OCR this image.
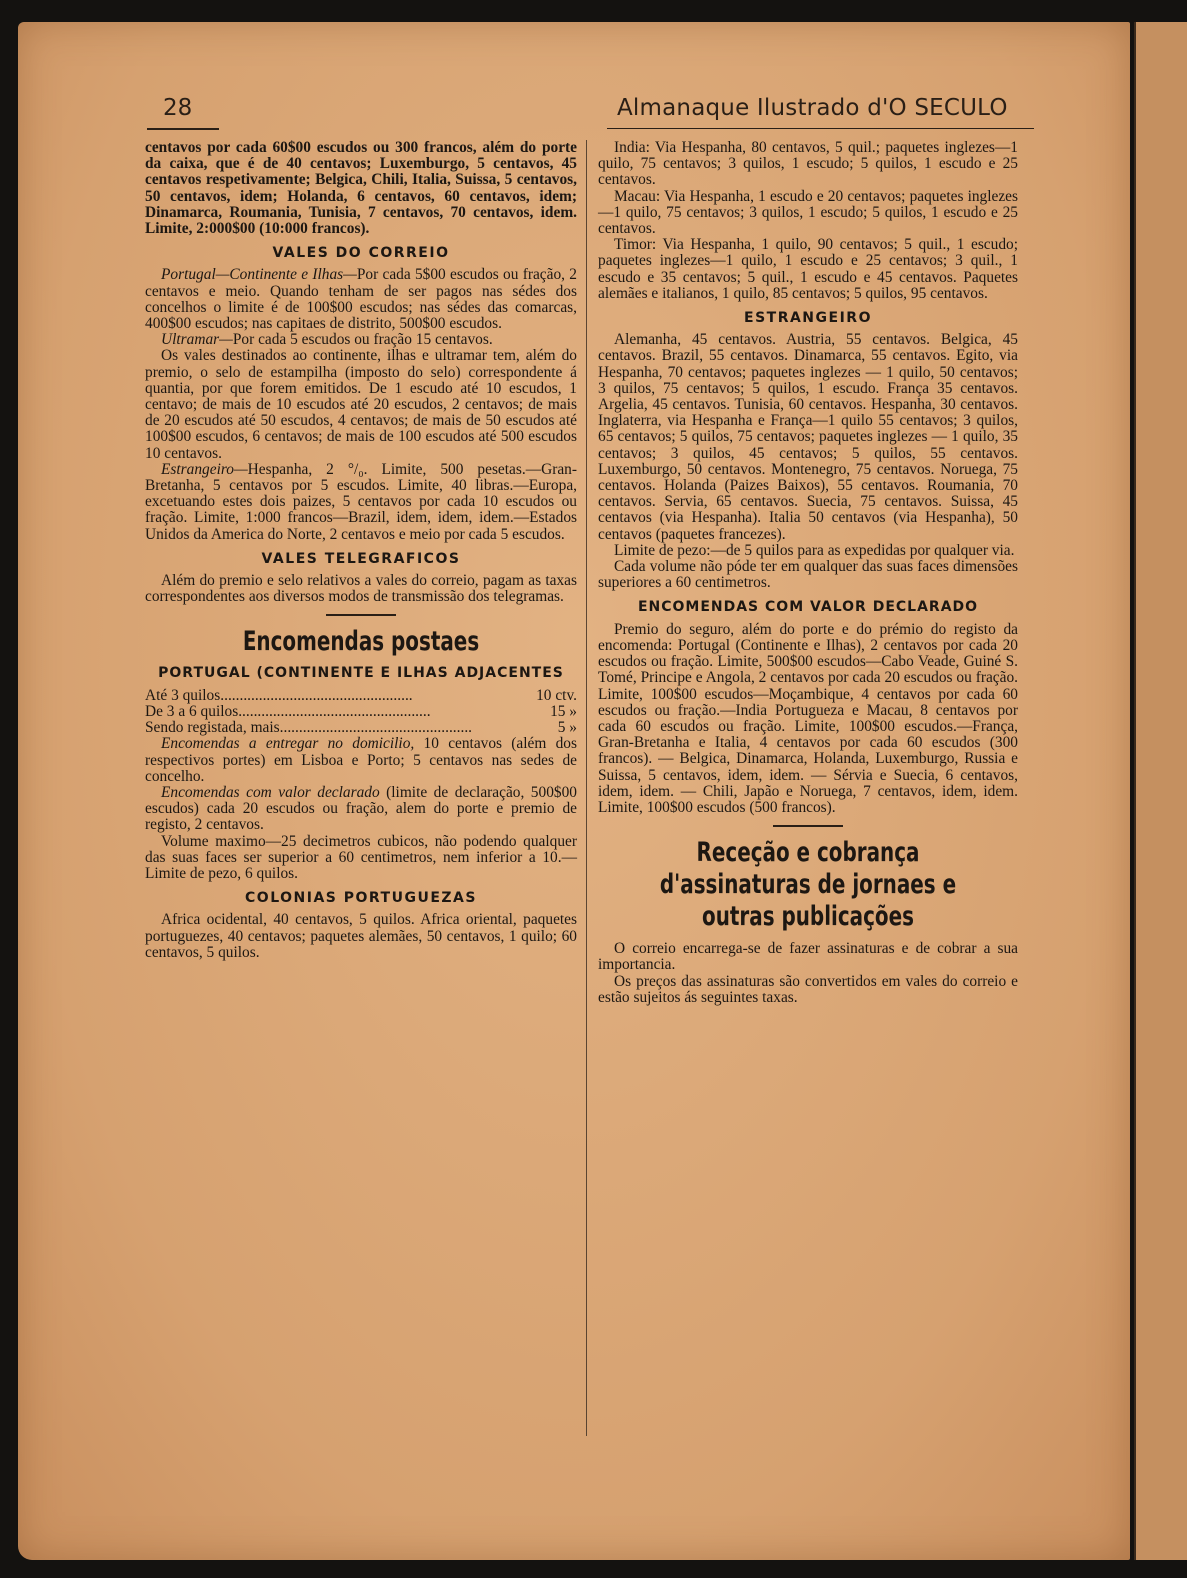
28	Almanaque Ilustrado d'O SECULO

centavos por cada 60$00 escudos ou 300 francos, além do porte da caixa, que é de 40 centavos; Luxemburgo, 5 centavos, 45 centavos respetivamente; Belgica, Chili, Italia, Suissa, 5 centavos, 50 centavos, idem; Holanda, 6 centavos, 60 centavos, idem; Dinamarca, Roumania, Tunisia, 7 centavos, 70 centavos, idem. Limite, 2:000$00 (10:000 francos).

VALES DO CORREIO

Portugal—Continente e Ilhas—Por cada 5$00 escudos ou fração, 2 centavos e meio. Quando tenham de ser pagos nas sédes dos concelhos o limite é de 100$00 escudos; nas sédes das comarcas, 400$00 escudos; nas capitaes de distrito, 500$00 escudos.

Ultramar—Por cada 5 escudos ou fração 15 centavos.

Os vales destinados ao continente, ilhas e ultramar tem, além do premio, o selo de estampilha (imposto do selo) correspondente á quantia, por que forem emitidos. De 1 escudo até 10 escudos, 1 centavo; de mais de 10 escudos até 20 escudos, 2 centavos; de mais de 20 escudos até 50 escudos, 4 centavos; de mais de 50 escudos até 100$00 escudos, 6 centavos; de mais de 100 escudos até 500 escudos 10 centavos.

Estrangeiro—Hespanha, 2 °/₀. Limite, 500 pesetas.—Gran-Bretanha, 5 centavos por 5 escudos. Limite, 40 libras.—Europa, excetuando estes dois paizes, 5 centavos por cada 10 escudos ou fração. Limite, 1:000 francos—Brazil, idem, idem, idem.—Estados Unidos da America do Norte, 2 centavos e meio por cada 5 escudos.

VALES TELEGRAFICOS

Além do premio e selo relativos a vales do correio, pagam as taxas correspondentes aos diversos modos de transmissão dos telegramas.

Encomendas postaes
PORTUGAL (CONTINENTE E ILHAS ADJACENTES
Até 3 quilos..................................................	10 ctv.
De 3 a 6 quilos..................................................	15 »
Sendo registada, mais..................................................	5 »

Encomendas a entregar no domicilio, 10 centavos (além dos respectivos portes) em Lisboa e Porto; 5 centavos nas sedes de concelho.

Encomendas com valor declarado (limite de declaração, 500$00 escudos) cada 20 escudos ou fração, alem do porte e premio de registo, 2 centavos.

Volume maximo—25 decimetros cubicos, não podendo qualquer das suas faces ser superior a 60 centimetros, nem inferior a 10.—Limite de pezo, 6 quilos.

COLONIAS PORTUGUEZAS

Africa ocidental, 40 centavos, 5 quilos. Africa oriental, paquetes portuguezes, 40 centavos; paquetes alemães, 50 centavos, 1 quilo; 60 centavos, 5 quilos.

India: Via Hespanha, 80 centavos, 5 quil.; paquetes inglezes—1 quilo, 75 centavos; 3 quilos, 1 escudo; 5 quilos, 1 escudo e 25 centavos.

Macau: Via Hespanha, 1 escudo e 20 centavos; paquetes inglezes—1 quilo, 75 centavos; 3 quilos, 1 escudo; 5 quilos, 1 escudo e 25 centavos.

Timor: Via Hespanha, 1 quilo, 90 centavos; 5 quil., 1 escudo; paquetes inglezes—1 quilo, 1 escudo e 25 centavos; 3 quil., 1 escudo e 35 centavos; 5 quil., 1 escudo e 45 centavos. Paquetes alemães e italianos, 1 quilo, 85 centavos; 5 quilos, 95 centavos.

ESTRANGEIRO

Alemanha, 45 centavos. Austria, 55 centavos. Belgica, 45 centavos. Brazil, 55 centavos. Dinamarca, 55 centavos. Egito, via Hespanha, 70 centavos; paquetes inglezes — 1 quilo, 50 centavos; 3 quilos, 75 centavos; 5 quilos, 1 escudo. França 35 centavos. Argelia, 45 centavos. Tunisia, 60 centavos. Hespanha, 30 centavos. Inglaterra, via Hespanha e França—1 quilo 55 centavos; 3 quilos, 65 centavos; 5 quilos, 75 centavos; paquetes inglezes — 1 quilo, 35 centavos; 3 quilos, 45 centavos; 5 quilos, 55 centavos. Luxemburgo, 50 centavos. Montenegro, 75 centavos. Noruega, 75 centavos. Holanda (Paizes Baixos), 55 centavos. Roumania, 70 centavos. Servia, 65 centavos. Suecia, 75 centavos. Suissa, 45 centavos (via Hespanha). Italia 50 centavos (via Hespanha), 50 centavos (paquetes francezes).

Limite de pezo:—de 5 quilos para as expedidas por qualquer via.

Cada volume não póde ter em qualquer das suas faces dimensões superiores a 60 centimetros.

ENCOMENDAS COM VALOR DECLARADO

Premio do seguro, além do porte e do prémio do registo da encomenda: Portugal (Continente e Ilhas), 2 centavos por cada 20 escudos ou fração. Limite, 500$00 escudos—Cabo Veade, Guiné S. Tomé, Principe e Angola, 2 centavos por cada 20 escudos ou fração. Limite, 100$00 escudos—Moçambique, 4 centavos por cada 60 escudos ou fração.—India Portugueza e Macau, 8 centavos por cada 60 escudos ou fração. Limite, 100$00 escudos.—França, Gran-Bretanha e Italia, 4 centavos por cada 60 escudos (300 francos). — Belgica, Dinamarca, Holanda, Luxemburgo, Russia e Suissa, 5 centavos, idem, idem. — Sérvia e Suecia, 6 centavos, idem, idem. — Chili, Japão e Noruega, 7 centavos, idem, idem. Limite, 100$00 escudos (500 francos).

Receção e cobrança d'assinaturas de jornaes e outras publicações

O correio encarrega-se de fazer assinaturas e de cobrar a sua importancia.

Os preços das assinaturas são convertidos em vales do correio e estão sujeitos ás seguintes taxas.
